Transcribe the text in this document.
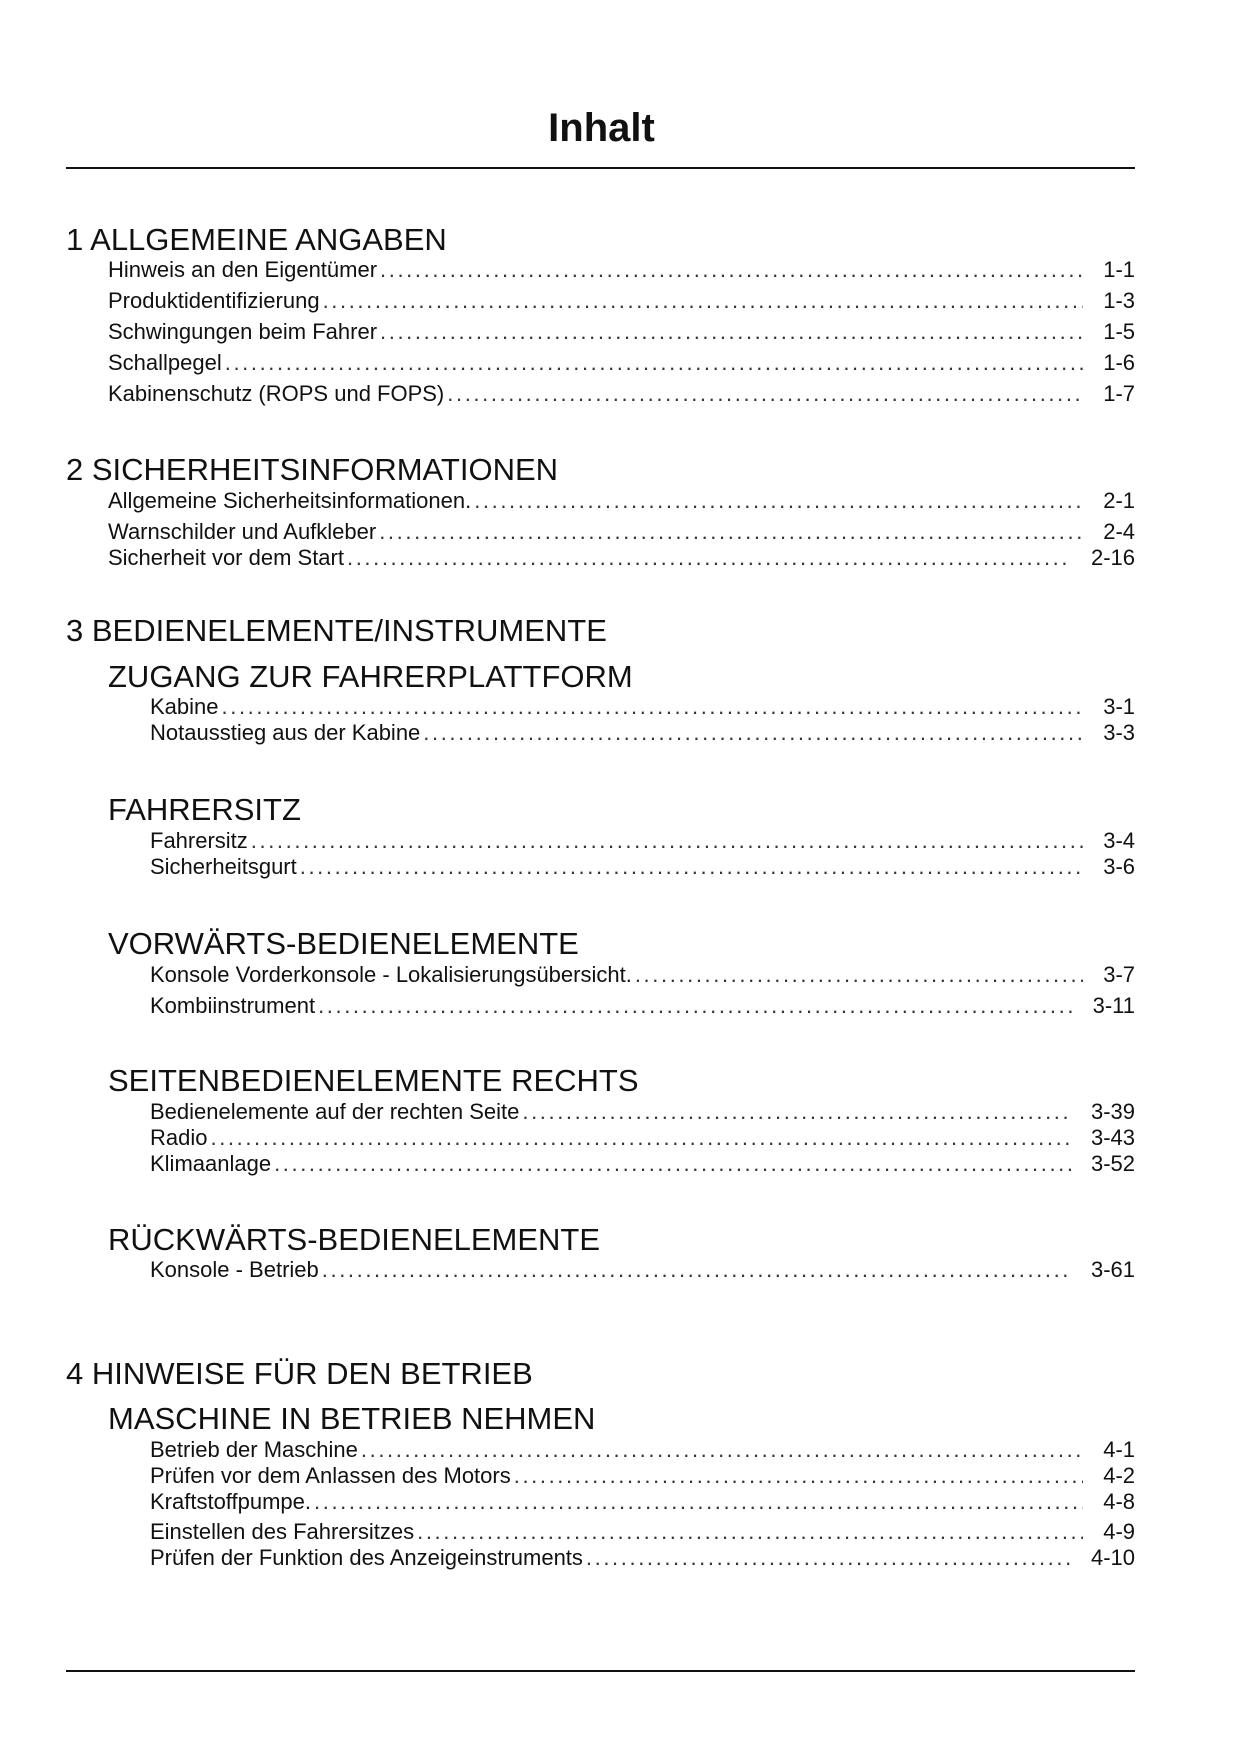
Inhalt
1 ALLGEMEINE ANGABEN
Hinweis an den Eigentümer .....	1-1
Produktidentifizierung .....	1-3
Schwingungen beim Fahrer .....	1-5
Schallpegel .....	1-6
Kabinenschutz (ROPS und FOPS) .....	1-7
2 SICHERHEITSINFORMATIONEN
Allgemeine Sicherheitsinformationen. .....	2-1
Warnschilder und Aufkleber .....	2-4
Sicherheit vor dem Start .....	2-16
3 BEDIENELEMENTE/INSTRUMENTE
ZUGANG ZUR FAHRERPLATTFORM
Kabine .....	3-1
Notausstieg aus der Kabine .....	3-3
FAHRERSITZ
Fahrersitz .....	3-4
Sicherheitsgurt .....	3-6
VORWÄRTS-BEDIENELEMENTE
Konsole Vorderkonsole - Lokalisierungsübersicht. .....	3-7
Kombiinstrument .....	3-11
SEITENBEDIENELEMENTE RECHTS
Bedienelemente auf der rechten Seite .....	3-39
Radio .....	3-43
Klimaanlage .....	3-52
RÜCKWÄRTS-BEDIENELEMENTE
Konsole - Betrieb .....	3-61
4 HINWEISE FÜR DEN BETRIEB
MASCHINE IN BETRIEB NEHMEN
Betrieb der Maschine .....	4-1
Prüfen vor dem Anlassen des Motors .....	4-2
Kraftstoffpumpe. .....	4-8
Einstellen des Fahrersitzes .....	4-9
Prüfen der Funktion des Anzeigeinstruments .....	4-10
